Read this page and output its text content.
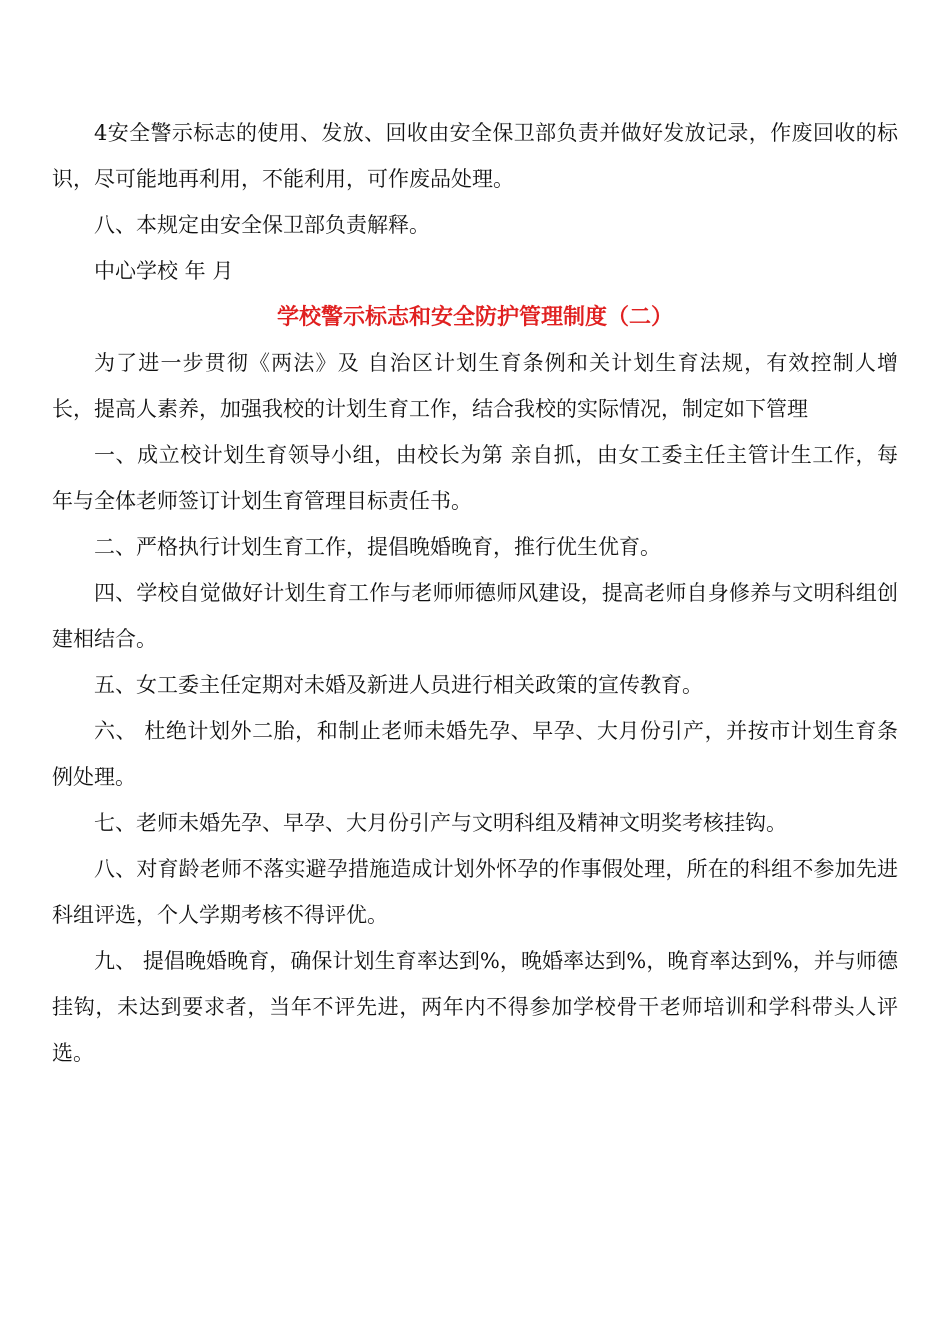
4安全警示标志的使用、发放、回收由安全保卫部负责并做好发放记录，作废回收的标识，尽可能地再利用，不能利用，可作废品处理。

八、本规定由安全保卫部负责解释。

中心学校 年 月

学校警示标志和安全防护管理制度（二）

为了进一步贯彻《两法》及 自治区计划生育条例和关计划生育法规，有效控制人增长，提高人素养，加强我校的计划生育工作，结合我校的实际情况，制定如下管理

一、成立校计划生育领导小组，由校长为第 亲自抓，由女工委主任主管计生工作，每年与全体老师签订计划生育管理目标责任书。

二、严格执行计划生育工作，提倡晚婚晚育，推行优生优育。

四、学校自觉做好计划生育工作与老师师德师风建设，提高老师自身修养与文明科组创建相结合。

五、女工委主任定期对未婚及新进人员进行相关政策的宣传教育。

六、 杜绝计划外二胎，和制止老师未婚先孕、早孕、大月份引产，并按市计划生育条例处理。

七、老师未婚先孕、早孕、大月份引产与文明科组及精神文明奖考核挂钩。

八、对育龄老师不落实避孕措施造成计划外怀孕的作事假处理，所在的科组不参加先进科组评选，个人学期考核不得评优。

九、 提倡晚婚晚育，确保计划生育率达到%，晚婚率达到%，晚育率达到%，并与师德挂钩，未达到要求者，当年不评先进，两年内不得参加学校骨干老师培训和学科带头人评选。
